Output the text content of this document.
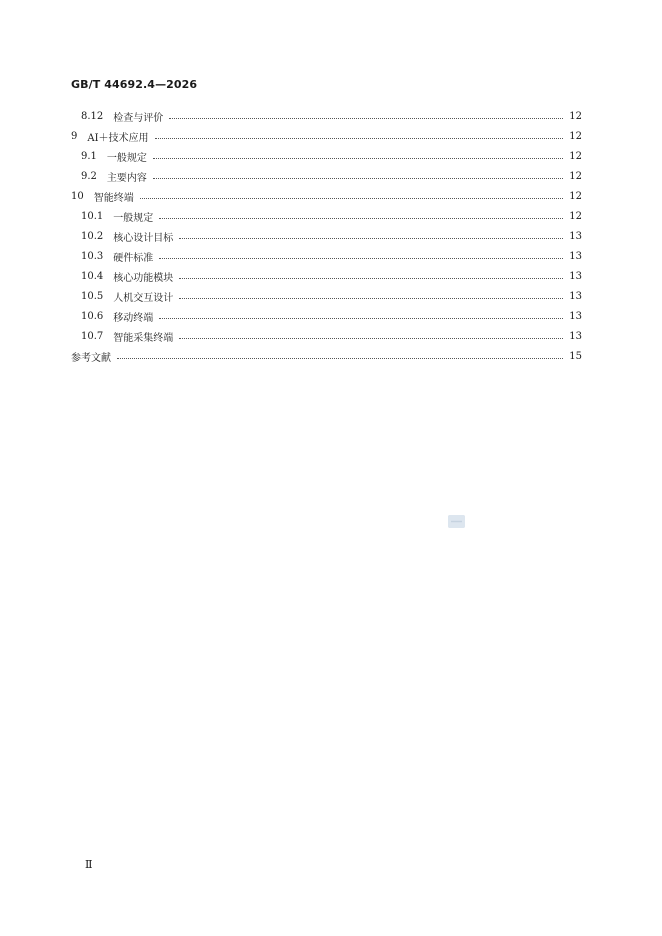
GB/T 44692.4—2026
8.12 检查与评价	12
9 AI＋技术应用	12
9.1 一般规定	12
9.2 主要内容	12
10 智能终端	12
10.1 一般规定	12
10.2 核心设计目标	13
10.3 硬件标准	13
10.4 核心功能模块	13
10.5 人机交互设计	13
10.6 移动终端	13
10.7 智能采集终端	13
参考文献	15
Ⅱ
